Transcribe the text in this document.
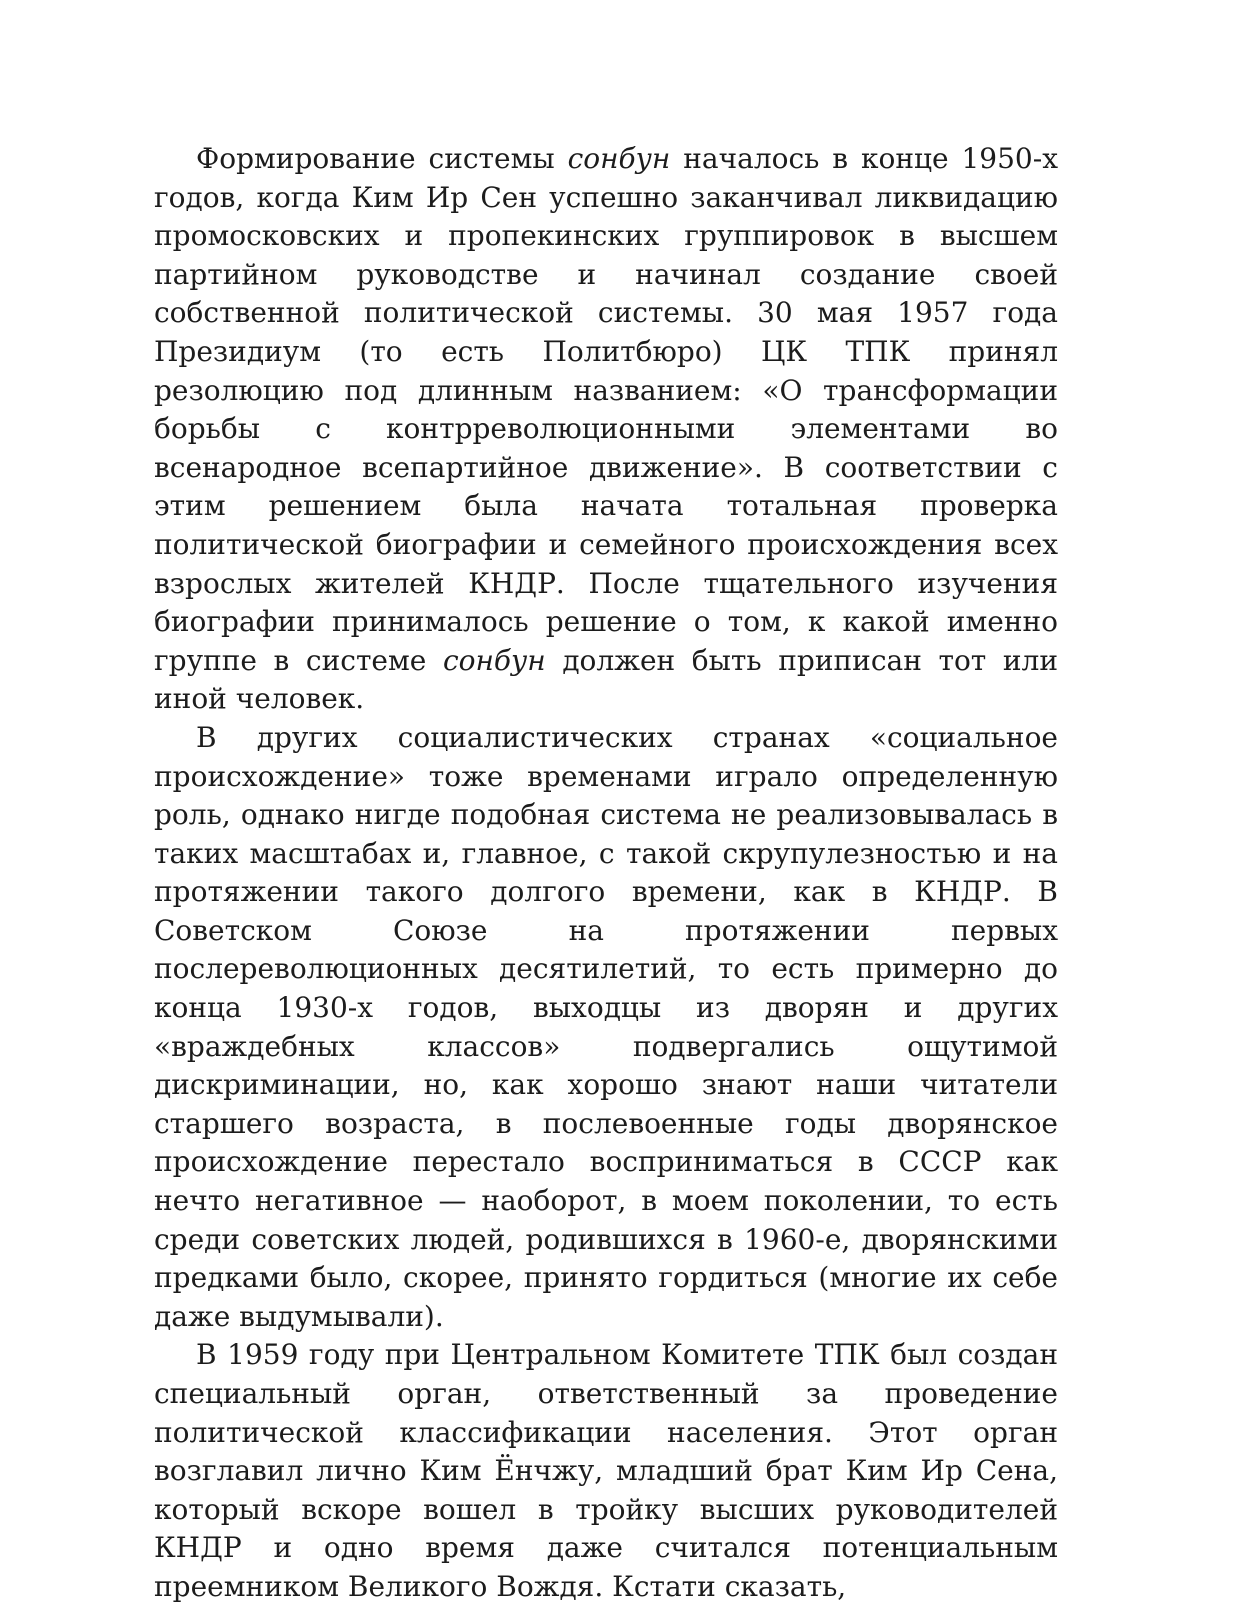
Формирование системы сонбун началось в конце 1950-х годов, когда Ким Ир Сен успешно заканчивал ликвидацию промосковских и пропекинских группировок в высшем партийном руководстве и начинал создание своей собственной политической системы. 30 мая 1957 года Президиум (то есть Политбюро) ЦК ТПК принял резолюцию под длинным названием: «О трансформации борьбы с контрреволюционными элементами во всенародное всепартийное движение». В соответствии с этим решением была начата тотальная проверка политической биографии и семейного происхождения всех взрослых жителей КНДР. После тщательного изучения биографии принималось решение о том, к какой именно группе в системе сонбун должен быть приписан тот или иной человек.

В других социалистических странах «социальное происхождение» тоже временами играло определенную роль, однако нигде подобная система не реализовывалась в таких масштабах и, главное, с такой скрупулезностью и на протяжении такого долгого времени, как в КНДР. В Советском Союзе на протяжении первых послереволюционных десятилетий, то есть примерно до конца 1930-х годов, выходцы из дворян и других «враждебных классов» подвергались ощутимой дискриминации, но, как хорошо знают наши читатели старшего возраста, в послевоенные годы дворянское происхождение перестало восприниматься в СССР как нечто негативное — наоборот, в моем поколении, то есть среди советских людей, родившихся в 1960-е, дворянскими предками было, скорее, принято гордиться (многие их себе даже выдумывали).

В 1959 году при Центральном Комитете ТПК был создан специальный орган, ответственный за проведение политической классификации населения. Этот орган возглавил лично Ким Ёнчжу, младший брат Ким Ир Сена, который вскоре вошел в тройку высших руководителей КНДР и одно время даже считался потенциальным преемником Великого Вождя. Кстати сказать,
